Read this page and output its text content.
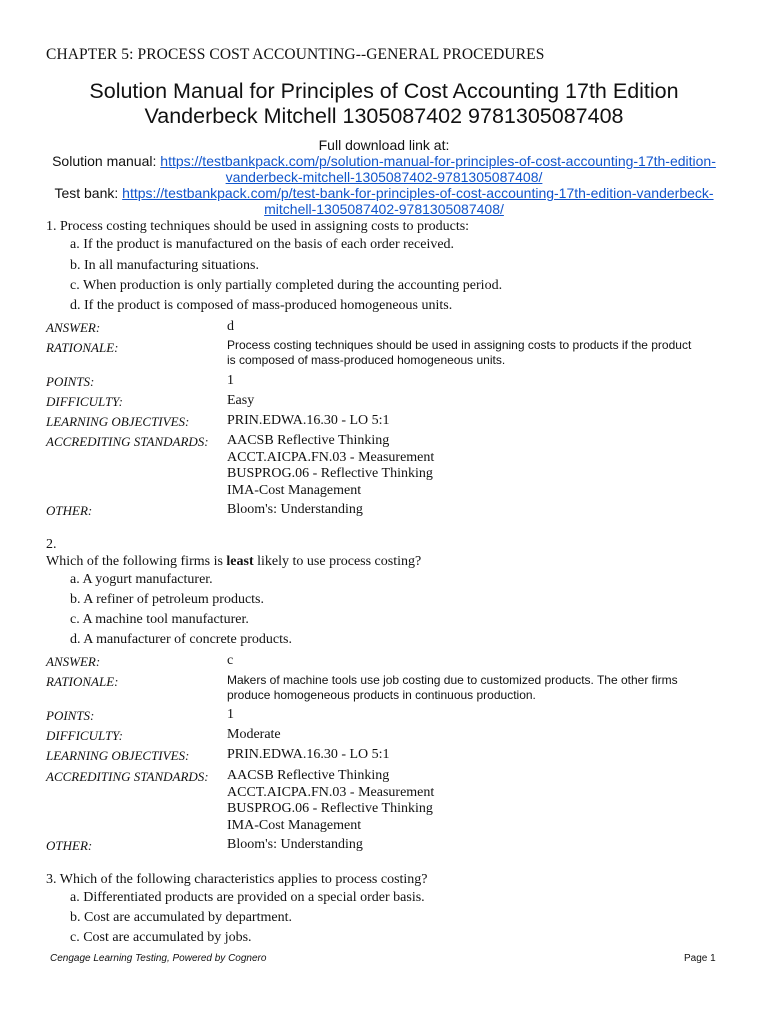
CHAPTER 5: PROCESS COST ACCOUNTING--GENERAL PROCEDURES
Solution Manual for Principles of Cost Accounting 17th Edition
Vanderbeck Mitchell 1305087402 9781305087408
Full download link at:
Solution manual: https://testbankpack.com/p/solution-manual-for-principles-of-cost-accounting-17th-edition-
vanderbeck-mitchell-1305087402-9781305087408/
Test bank: https://testbankpack.com/p/test-bank-for-principles-of-cost-accounting-17th-edition-vanderbeck-
mitchell-1305087402-9781305087408/
1. Process costing techniques should be used in assigning costs to products:
a. If the product is manufactured on the basis of each order received.
b. In all manufacturing situations.
c. When production is only partially completed during the accounting period.
d. If the product is composed of mass-produced homogeneous units.
ANSWER:	d
RATIONALE:	Process costing techniques should be used in assigning costs to products if the product
is composed of mass-produced homogeneous units.
POINTS:	1
DIFFICULTY:	Easy
LEARNING OBJECTIVES:	PRIN.EDWA.16.30 - LO 5:1
ACCREDITING STANDARDS: AACSB Reflective Thinking
ACCT.AICPA.FN.03 - Measurement
BUSPROG.06 - Reflective Thinking
IMA-Cost Management
OTHER:	Bloom's: Understanding
2.
Which of the following firms is least likely to use process costing?
a. A yogurt manufacturer.
b. A refiner of petroleum products.
c. A machine tool manufacturer.
d. A manufacturer of concrete products.
ANSWER:	c
RATIONALE:	Makers of machine tools use job costing due to customized products. The other firms
produce homogeneous products in continuous production.
POINTS:	1
DIFFICULTY:	Moderate
LEARNING OBJECTIVES:	PRIN.EDWA.16.30 - LO 5:1
ACCREDITING STANDARDS: AACSB Reflective Thinking
ACCT.AICPA.FN.03 - Measurement
BUSPROG.06 - Reflective Thinking
IMA-Cost Management
OTHER:	Bloom's: Understanding
3. Which of the following characteristics applies to process costing?
a. Differentiated products are provided on a special order basis.
b. Cost are accumulated by department.
c. Cost are accumulated by jobs.
Cengage Learning Testing, Powered by Cognero	Page 1
